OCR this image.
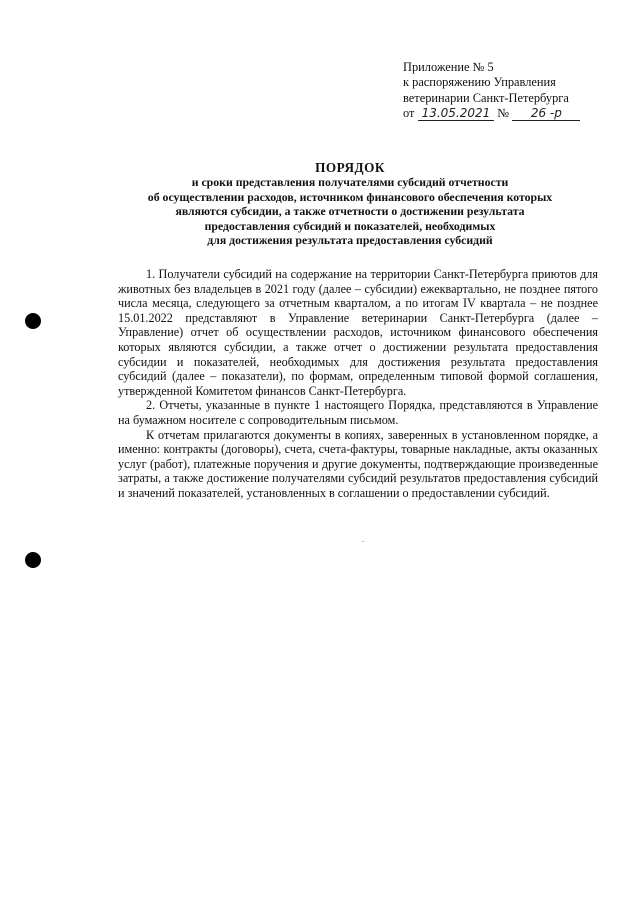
Приложение № 5
к распоряжению Управления
ветеринарии Санкт-Петербурга
от 13.05.2021 № 26 -р
ПОРЯДОК
и сроки представления получателями субсидий отчетности
об осуществлении расходов, источником финансового обеспечения которых
являются субсидии, а также отчетности о достижении результата
предоставления субсидий и показателей, необходимых
для достижения результата предоставления субсидий

1. Получатели субсидий на содержание на территории Санкт-Петербурга приютов для животных без владельцев в 2021 году (далее – субсидии) ежеквартально, не позднее пятого числа месяца, следующего за отчетным кварталом, а по итогам IV квартала – не позднее 15.01.2022 представляют в Управление ветеринарии Санкт-Петербурга (далее – Управление) отчет об осуществлении расходов, источником финансового обеспечения которых являются субсидии, а также отчет о достижении результата предоставления субсидии и показателей, необходимых для достижения результата предоставления субсидий (далее – показатели), по формам, определенным типовой формой соглашения, утвержденной Комитетом финансов Санкт-Петербурга.

2. Отчеты, указанные в пункте 1 настоящего Порядка, представляются в Управление на бумажном носителе с сопроводительным письмом.

К отчетам прилагаются документы в копиях, заверенных в установленном порядке, а именно: контракты (договоры), счета, счета-фактуры, товарные накладные, акты оказанных услуг (работ), платежные поручения и другие документы, подтверждающие произведенные затраты, а также достижение получателями субсидий результатов предоставления субсидий и значений показателей, установленных в соглашении о предоставлении субсидий.
